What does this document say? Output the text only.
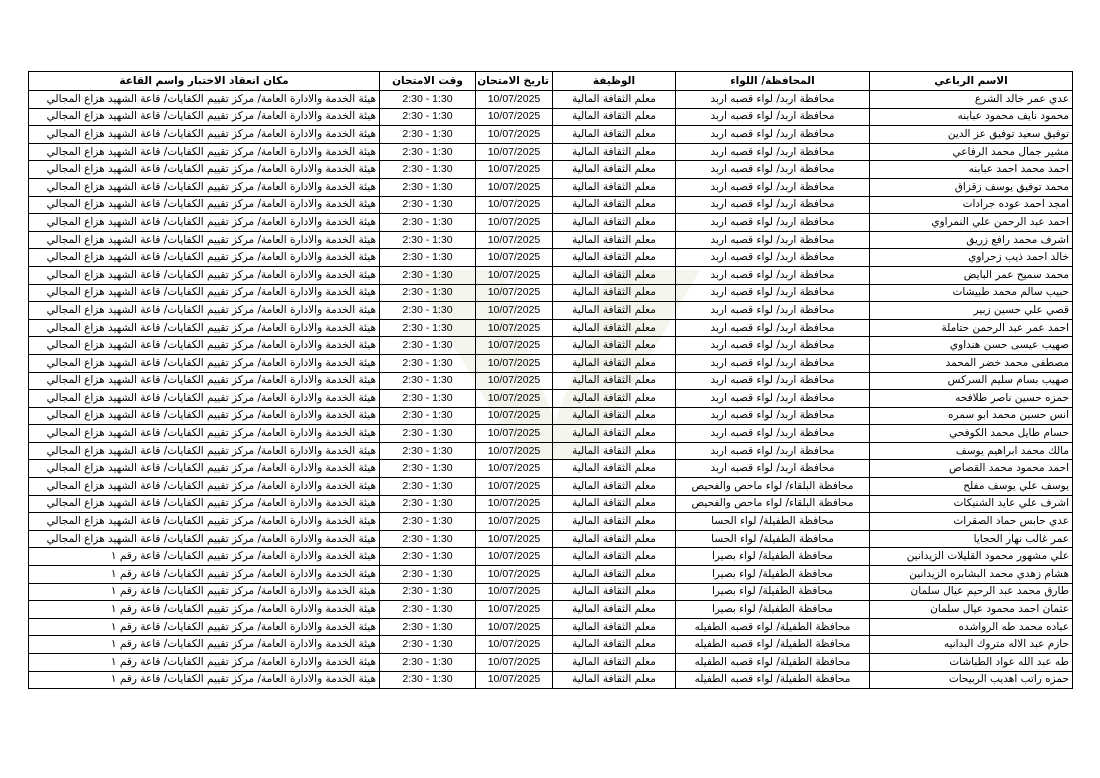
الاسم الرباعي	المحافظة/ اللواء	الوظيفة	تاريخ الامتحان	وقت الامتحان	مكان انعقاد الاختبار واسم القاعة
عدي عمر خالد الشرع	محافظة اربد/ لواء قصبه اربد	معلم الثقافة المالية	10/07/2025	2:30 - 1:30	هيئة الخدمة والادارة العامة/ مركز تقييم الكفايات/ قاعة الشهيد هزاع المجالي
محمود نايف محمود عبابنه	محافظة اربد/ لواء قصبه اربد	معلم الثقافة المالية	10/07/2025	2:30 - 1:30	هيئة الخدمة والادارة العامة/ مركز تقييم الكفايات/ قاعة الشهيد هزاع المجالي
توفيق سعيد توفيق عز الدين	محافظة اربد/ لواء قصبه اربد	معلم الثقافة المالية	10/07/2025	2:30 - 1:30	هيئة الخدمة والادارة العامة/ مركز تقييم الكفايات/ قاعة الشهيد هزاع المجالي
مشير جمال محمد الرفاعي	محافظة اربد/ لواء قصبه اربد	معلم الثقافة المالية	10/07/2025	2:30 - 1:30	هيئة الخدمة والادارة العامة/ مركز تقييم الكفايات/ قاعة الشهيد هزاع المجالي
احمد محمد احمد عبابنه	محافظة اربد/ لواء قصبه اربد	معلم الثقافة المالية	10/07/2025	2:30 - 1:30	هيئة الخدمة والادارة العامة/ مركز تقييم الكفايات/ قاعة الشهيد هزاع المجالي
محمد توفيق يوسف زقزاق	محافظة اربد/ لواء قصبه اربد	معلم الثقافة المالية	10/07/2025	2:30 - 1:30	هيئة الخدمة والادارة العامة/ مركز تقييم الكفايات/ قاعة الشهيد هزاع المجالي
امجد احمد عوده جرادات	محافظة اربد/ لواء قصبه اربد	معلم الثقافة المالية	10/07/2025	2:30 - 1:30	هيئة الخدمة والادارة العامة/ مركز تقييم الكفايات/ قاعة الشهيد هزاع المجالي
احمد عبد الرحمن علي النمراوي	محافظة اربد/ لواء قصبه اربد	معلم الثقافة المالية	10/07/2025	2:30 - 1:30	هيئة الخدمة والادارة العامة/ مركز تقييم الكفايات/ قاعة الشهيد هزاع المجالي
اشرف محمد رافع زريق	محافظة اربد/ لواء قصبه اربد	معلم الثقافة المالية	10/07/2025	2:30 - 1:30	هيئة الخدمة والادارة العامة/ مركز تقييم الكفايات/ قاعة الشهيد هزاع المجالي
خالد احمد ذيب زحراوي	محافظة اربد/ لواء قصبه اربد	معلم الثقافة المالية	10/07/2025	2:30 - 1:30	هيئة الخدمة والادارة العامة/ مركز تقييم الكفايات/ قاعة الشهيد هزاع المجالي
محمد سميح عمر البايض	محافظة اربد/ لواء قصبه اربد	معلم الثقافة المالية	10/07/2025	2:30 - 1:30	هيئة الخدمة والادارة العامة/ مركز تقييم الكفايات/ قاعة الشهيد هزاع المجالي
حبيب سالم محمد طبيشات	محافظة اربد/ لواء قصبه اربد	معلم الثقافة المالية	10/07/2025	2:30 - 1:30	هيئة الخدمة والادارة العامة/ مركز تقييم الكفايات/ قاعة الشهيد هزاع المجالي
قصي علي حسين زبير	محافظة اربد/ لواء قصبه اربد	معلم الثقافة المالية	10/07/2025	2:30 - 1:30	هيئة الخدمة والادارة العامة/ مركز تقييم الكفايات/ قاعة الشهيد هزاع المجالي
احمد عمر عبد الرحمن حتاملة	محافظة اربد/ لواء قصبه اربد	معلم الثقافة المالية	10/07/2025	2:30 - 1:30	هيئة الخدمة والادارة العامة/ مركز تقييم الكفايات/ قاعة الشهيد هزاع المجالي
صهيب عيسى حسن هنداوي	محافظة اربد/ لواء قصبه اربد	معلم الثقافة المالية	10/07/2025	2:30 - 1:30	هيئة الخدمة والادارة العامة/ مركز تقييم الكفايات/ قاعة الشهيد هزاع المجالي
مصطفى محمد خضر المحمد	محافظة اربد/ لواء قصبه اربد	معلم الثقافة المالية	10/07/2025	2:30 - 1:30	هيئة الخدمة والادارة العامة/ مركز تقييم الكفايات/ قاعة الشهيد هزاع المجالي
صهيب بسام سليم السركس	محافظة اربد/ لواء قصبه اربد	معلم الثقافة المالية	10/07/2025	2:30 - 1:30	هيئة الخدمة والادارة العامة/ مركز تقييم الكفايات/ قاعة الشهيد هزاع المجالي
حمزه حسين ناصر طلافحه	محافظة اربد/ لواء قصبه اربد	معلم الثقافة المالية	10/07/2025	2:30 - 1:30	هيئة الخدمة والادارة العامة/ مركز تقييم الكفايات/ قاعة الشهيد هزاع المجالي
انس حسين محمد ابو سمره	محافظة اربد/ لواء قصبه اربد	معلم الثقافة المالية	10/07/2025	2:30 - 1:30	هيئة الخدمة والادارة العامة/ مركز تقييم الكفايات/ قاعة الشهيد هزاع المجالي
حسام طايل محمد الكوفحي	محافظة اربد/ لواء قصبه اربد	معلم الثقافة المالية	10/07/2025	2:30 - 1:30	هيئة الخدمة والادارة العامة/ مركز تقييم الكفايات/ قاعة الشهيد هزاع المجالي
مالك محمد ابراهيم يوسف	محافظة اربد/ لواء قصبه اربد	معلم الثقافة المالية	10/07/2025	2:30 - 1:30	هيئة الخدمة والادارة العامة/ مركز تقييم الكفايات/ قاعة الشهيد هزاع المجالي
احمد محمود محمد القصاص	محافظة اربد/ لواء قصبه اربد	معلم الثقافة المالية	10/07/2025	2:30 - 1:30	هيئة الخدمة والادارة العامة/ مركز تقييم الكفايات/ قاعة الشهيد هزاع المجالي
يوسف علي يوسف مفلح	محافظة البلقاء/ لواء ماحص والفحيص	معلم الثقافة المالية	10/07/2025	2:30 - 1:30	هيئة الخدمة والادارة العامة/ مركز تقييم الكفايات/ قاعة الشهيد هزاع المجالي
اشرف علي عايد الشنيكات	محافظة البلقاء/ لواء ماحص والفحيص	معلم الثقافة المالية	10/07/2025	2:30 - 1:30	هيئة الخدمة والادارة العامة/ مركز تقييم الكفايات/ قاعة الشهيد هزاع المجالي
عدي حابس حماد الصقرات	محافظة الطفيلة/ لواء الحسا	معلم الثقافة المالية	10/07/2025	2:30 - 1:30	هيئة الخدمة والادارة العامة/ مركز تقييم الكفايات/ قاعة الشهيد هزاع المجالي
عمر غالب نهار الحجايا	محافظة الطفيلة/ لواء الحسا	معلم الثقافة المالية	10/07/2025	2:30 - 1:30	هيئة الخدمة والادارة العامة/ مركز تقييم الكفايات/ قاعة الشهيد هزاع المجالي
علي مشهور محمود القليلات الزيدانين	محافظة الطفيلة/ لواء بصيرا	معلم الثقافة المالية	10/07/2025	2:30 - 1:30	هيئة الخدمة والادارة العامة/ مركز تقييم الكفايات/ قاعة رقم ١
هشام زهدي محمد البشابره الزيدانين	محافظة الطفيلة/ لواء بصيرا	معلم الثقافة المالية	10/07/2025	2:30 - 1:30	هيئة الخدمة والادارة العامة/ مركز تقييم الكفايات/ قاعة رقم ١
طارق محمد عبد الرحيم عيال سلمان	محافظة الطفيلة/ لواء بصيرا	معلم الثقافة المالية	10/07/2025	2:30 - 1:30	هيئة الخدمة والادارة العامة/ مركز تقييم الكفايات/ قاعة رقم ١
عثمان احمد محمود عيال سلمان	محافظة الطفيلة/ لواء بصيرا	معلم الثقافة المالية	10/07/2025	2:30 - 1:30	هيئة الخدمة والادارة العامة/ مركز تقييم الكفايات/ قاعة رقم ١
عباده محمد طه الرواشده	محافظة الطفيلة/ لواء قصبه الطفيله	معلم الثقافة المالية	10/07/2025	2:30 - 1:30	هيئة الخدمة والادارة العامة/ مركز تقييم الكفايات/ قاعة رقم ١
حازم عبد الاله متروك البدانيه	محافظة الطفيلة/ لواء قصبه الطفيله	معلم الثقافة المالية	10/07/2025	2:30 - 1:30	هيئة الخدمة والادارة العامة/ مركز تقييم الكفايات/ قاعة رقم ١
طه عبد الله عواد الطباشات	محافظة الطفيلة/ لواء قصبه الطفيله	معلم الثقافة المالية	10/07/2025	2:30 - 1:30	هيئة الخدمة والادارة العامة/ مركز تقييم الكفايات/ قاعة رقم ١
حمزه راتب اهديب الربيحات	محافظة الطفيلة/ لواء قصبه الطفيله	معلم الثقافة المالية	10/07/2025	2:30 - 1:30	هيئة الخدمة والادارة العامة/ مركز تقييم الكفايات/ قاعة رقم ١
